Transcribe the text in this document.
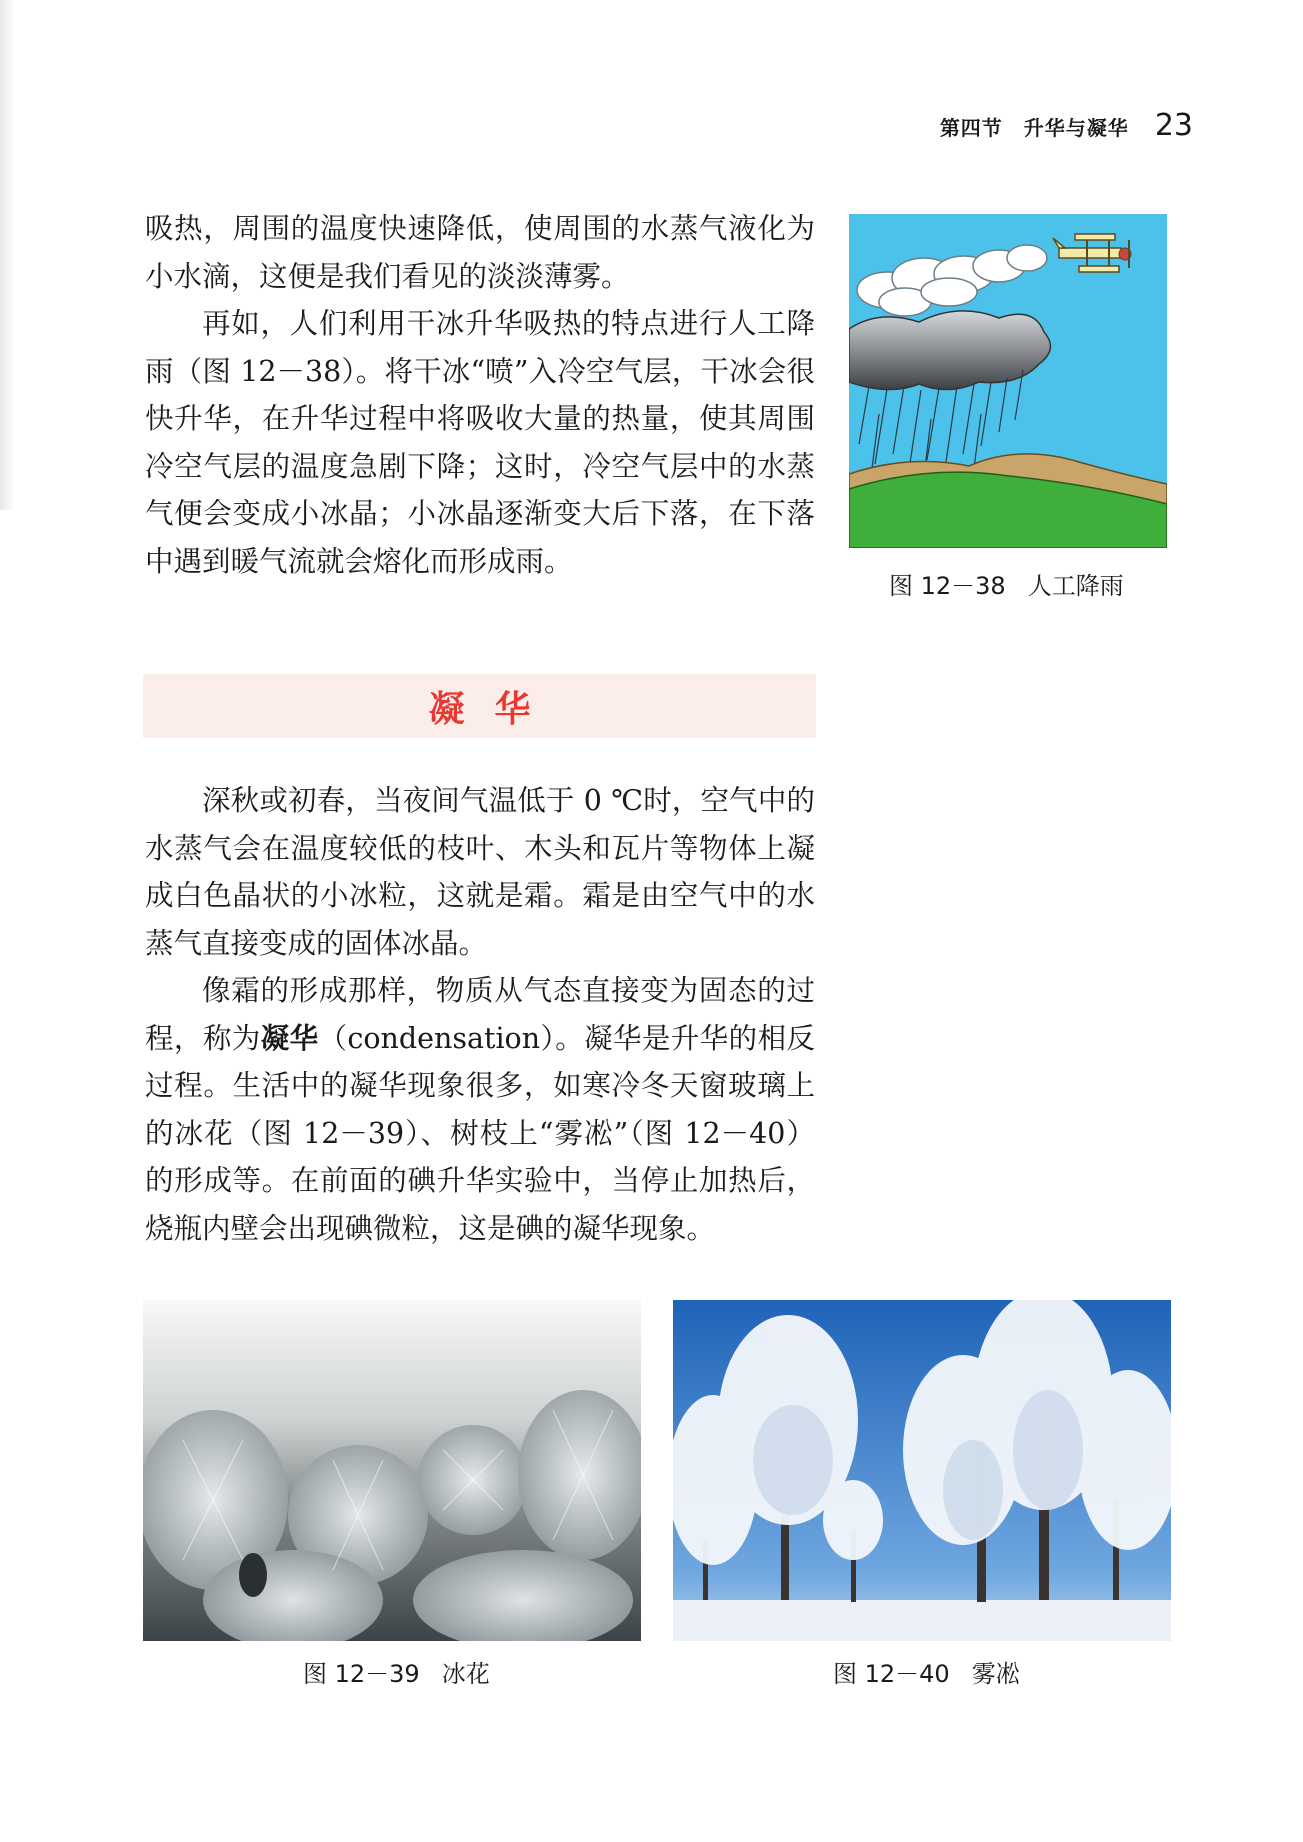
第四节　升华与凝华 23

吸热，周围的温度快速降低，使周围的水蒸气液化为小水滴，这便是我们看见的淡淡薄雾。

再如，人们利用干冰升华吸热的特点进行人工降雨（图 12－38）。将干冰“喷”入冷空气层，干冰会很快升华，在升华过程中将吸收大量的热量，使其周围冷空气层的温度急剧下降；这时，冷空气层中的水蒸气便会变成小冰晶；小冰晶逐渐变大后下落，在下落中遇到暖气流就会熔化而形成雨。

图 12－38 人工降雨
凝华

深秋或初春，当夜间气温低于 0 ℃时，空气中的水蒸气会在温度较低的枝叶、木头和瓦片等物体上凝成白色晶状的小冰粒，这就是霜。霜是由空气中的水蒸气直接变成的固体冰晶。

像霜的形成那样，物质从气态直接变为固态的过程，称为凝华（condensation）。凝华是升华的相反过程。生活中的凝华现象很多，如寒冷冬天窗玻璃上的冰花（图 12－39）、树枝上“雾凇”（图 12－40）的形成等。在前面的碘升华实验中，当停止加热后，烧瓶内壁会出现碘微粒，这是碘的凝华现象。

图 12－39 冰花	图 12－40 雾凇
